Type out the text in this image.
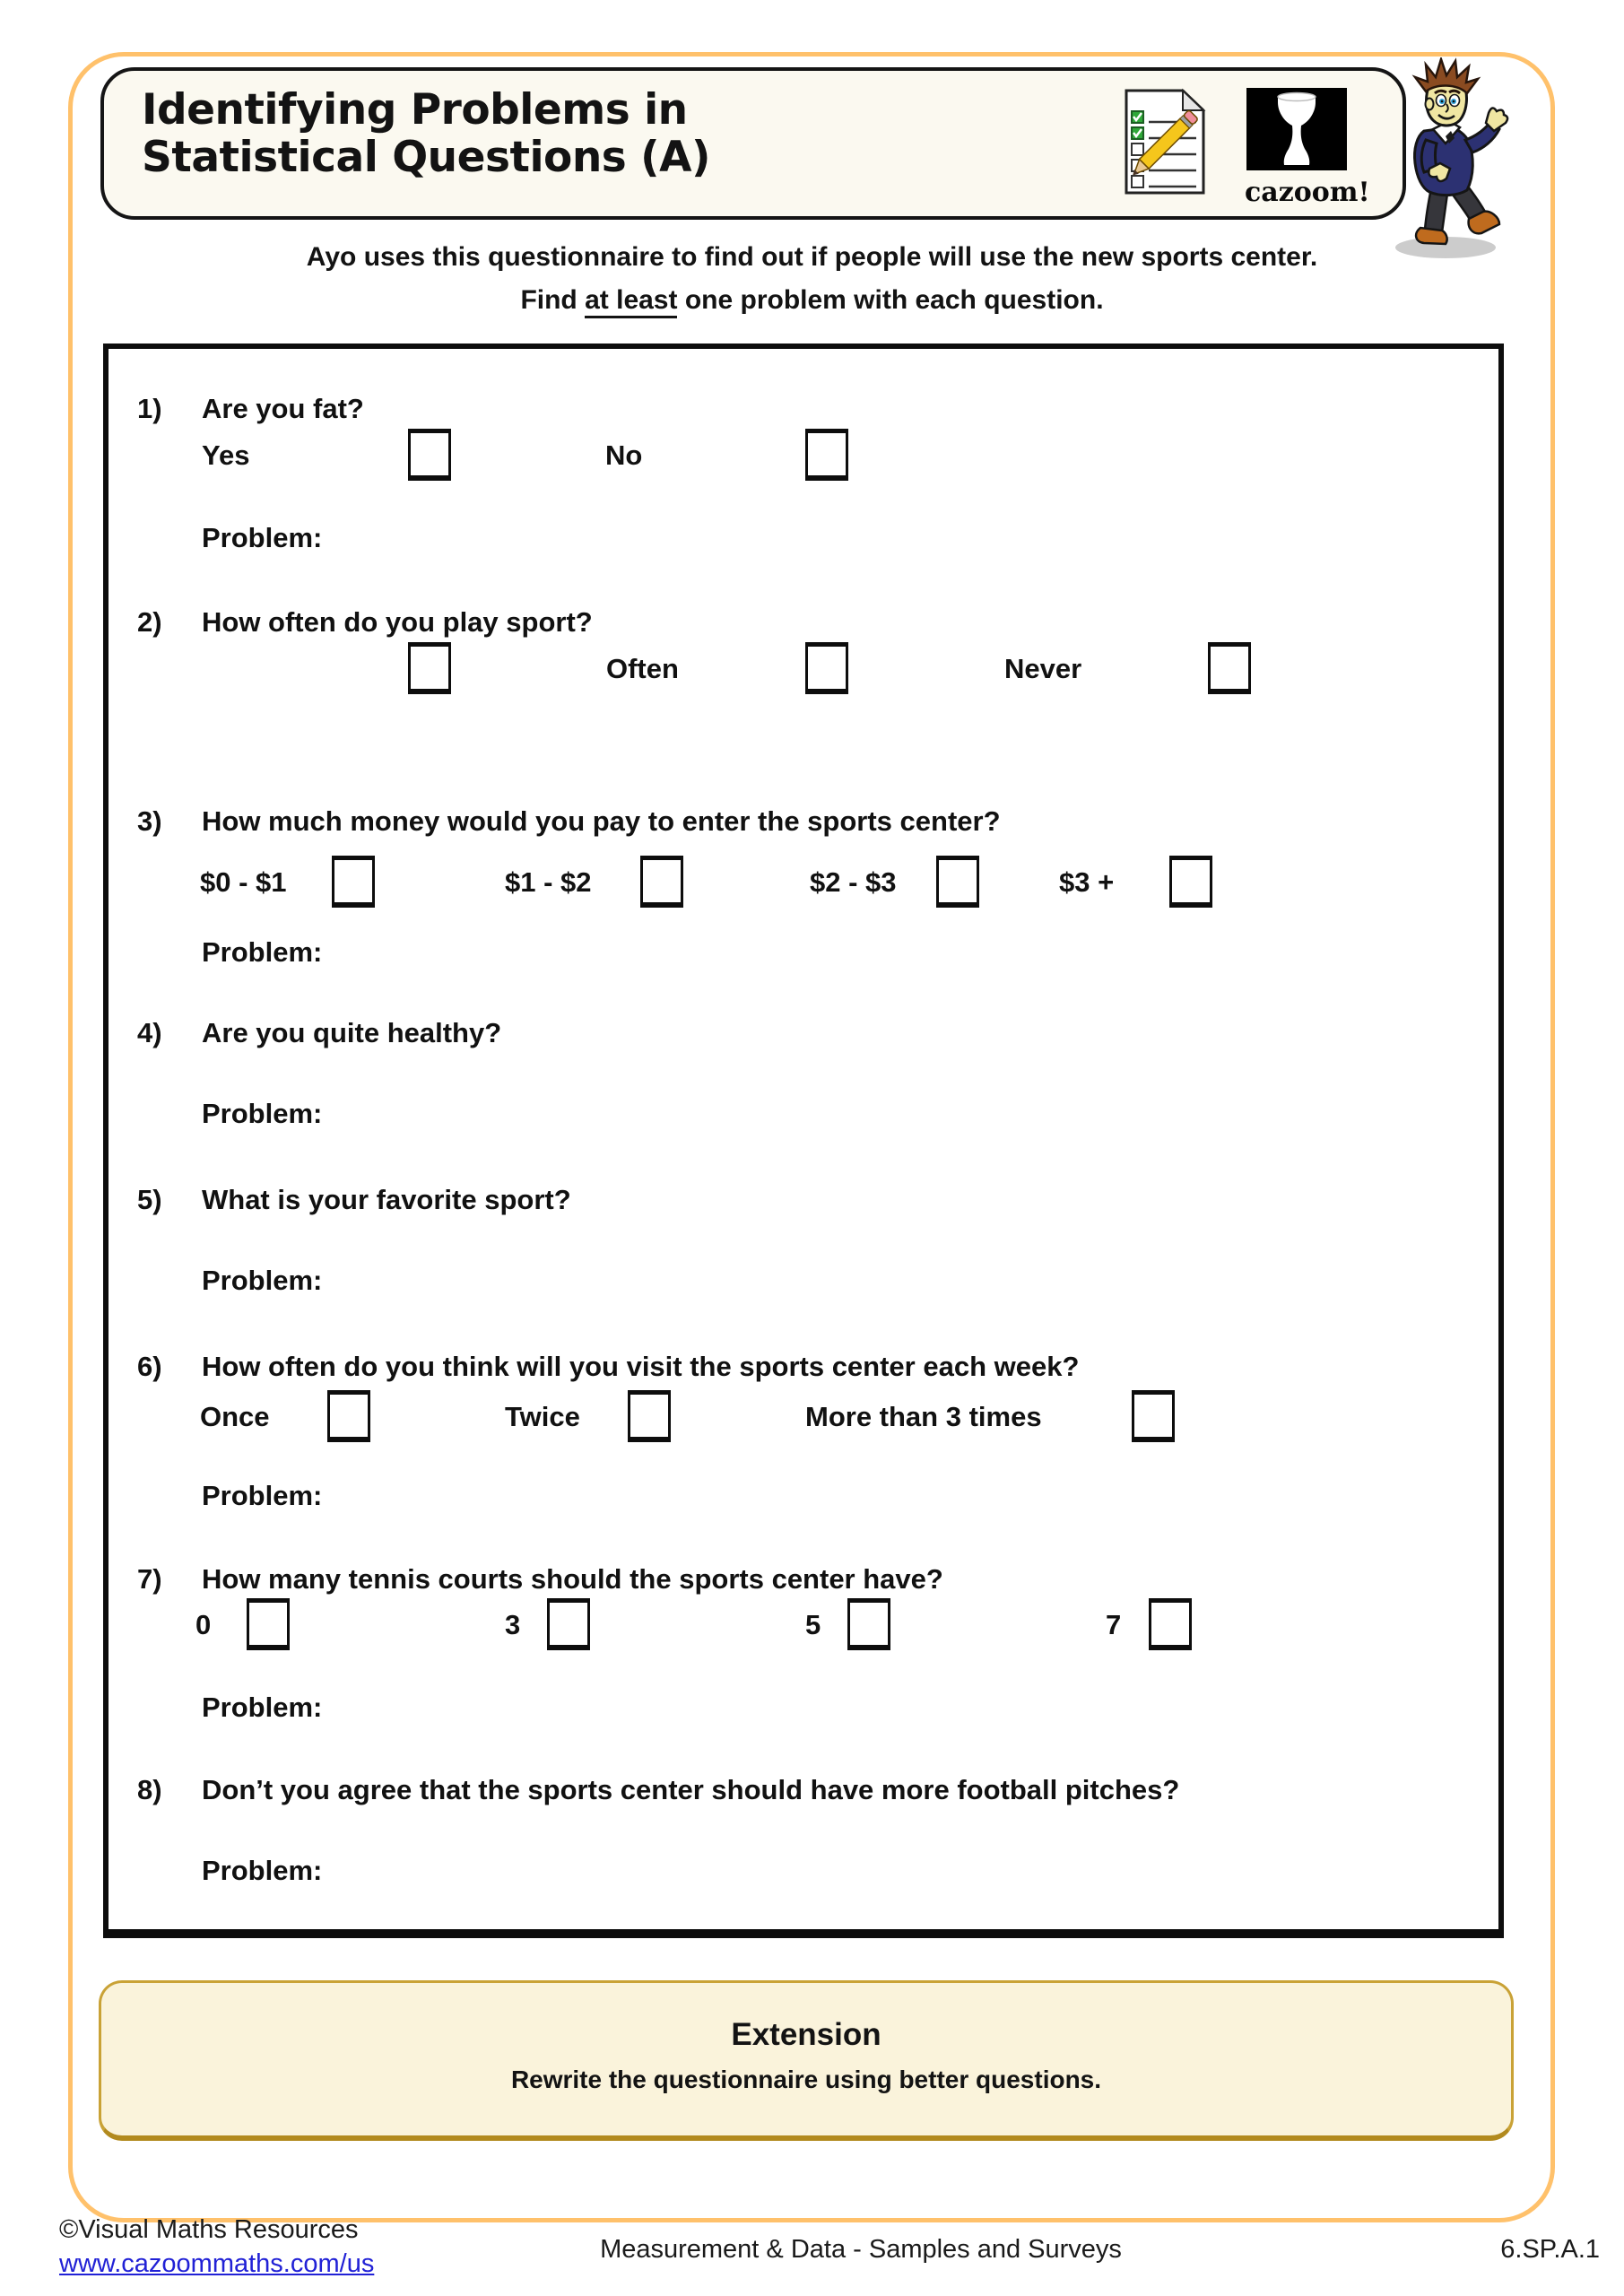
Identifying Problems in
Statistical Questions (A)
cazoom!
Ayo uses this questionnaire to find out if people will use the new sports center.
Find at least one problem with each question.
1) Are you fat?
Yes	No
Problem:
2) How often do you play sport?
Often	Never
3) How much money would you pay to enter the sports center?
$0 - $1	$1 - $2	$2 - $3	$3 +
Problem:
4) Are you quite healthy?
Problem:
5) What is your favorite sport?
Problem:
6) How often do you think will you visit the sports center each week?
Once	Twice	More than 3 times
Problem:
7) How many tennis courts should the sports center have?
0	3	5	7
Problem:
8) Don’t you agree that the sports center should have more football pitches?
Problem:
Extension
Rewrite the questionnaire using better questions.
©Visual Maths Resources
www.cazoommaths.com/us	Measurement & Data - Samples and Surveys	6.SP.A.1
